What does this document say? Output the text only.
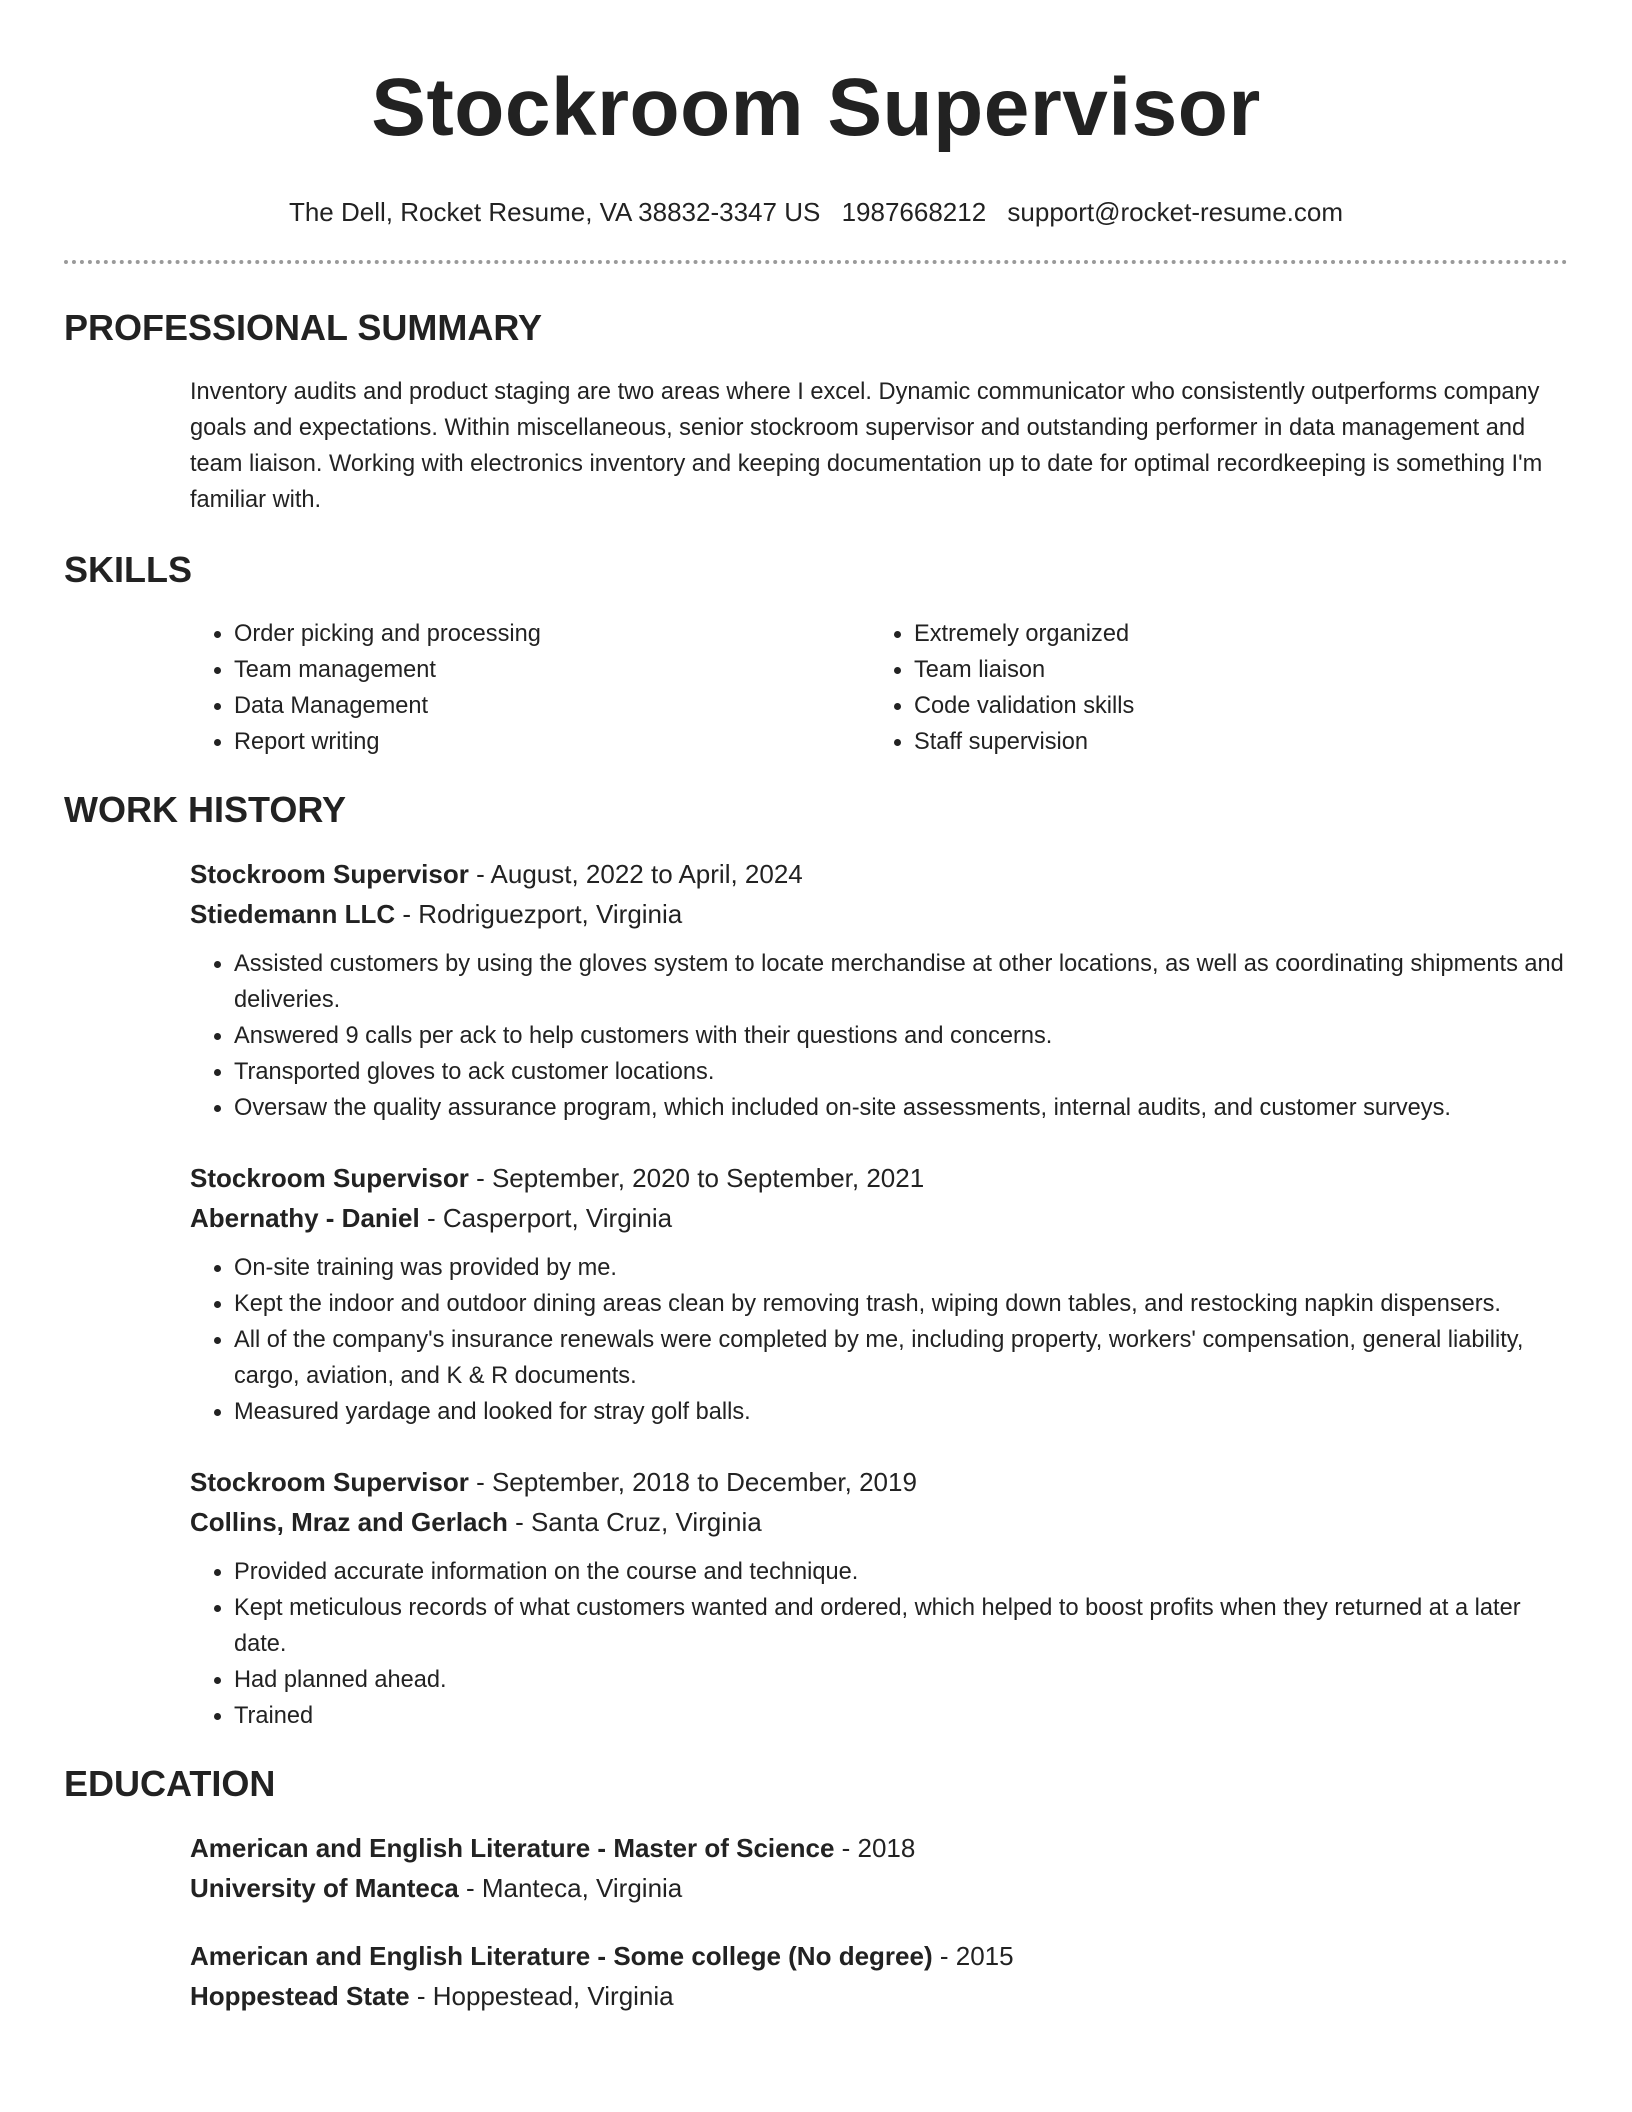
Stockroom Supervisor
The Dell, Rocket Resume, VA 38832-3347 US 1987668212 support@rocket-resume.com
PROFESSIONAL SUMMARY

Inventory audits and product staging are two areas where I excel. Dynamic communicator who consistently outperforms company goals and expectations. Within miscellaneous, senior stockroom supervisor and outstanding performer in data management and team liaison. Working with electronics inventory and keeping documentation up to date for optimal recordkeeping is something I'm familiar with.

SKILLS
• Order picking and processing
• Team management
• Data Management
• Report writing
• Extremely organized
• Team liaison
• Code validation skills
• Staff supervision
WORK HISTORY
Stockroom Supervisor - August, 2022 to April, 2024
Stiedemann LLC - Rodriguezport, Virginia
• Assisted customers by using the gloves system to locate merchandise at other locations, as well as coordinating shipments and deliveries.
• Answered 9 calls per ack to help customers with their questions and concerns.
• Transported gloves to ack customer locations.
• Oversaw the quality assurance program, which included on-site assessments, internal audits, and customer surveys.
Stockroom Supervisor - September, 2020 to September, 2021
Abernathy - Daniel - Casperport, Virginia
• On-site training was provided by me.
• Kept the indoor and outdoor dining areas clean by removing trash, wiping down tables, and restocking napkin dispensers.
• All of the company's insurance renewals were completed by me, including property, workers' compensation, general liability, cargo, aviation, and K & R documents.
• Measured yardage and looked for stray golf balls.
Stockroom Supervisor - September, 2018 to December, 2019
Collins, Mraz and Gerlach - Santa Cruz, Virginia
• Provided accurate information on the course and technique.
• Kept meticulous records of what customers wanted and ordered, which helped to boost profits when they returned at a later date.
• Had planned ahead.
• Trained
EDUCATION
American and English Literature - Master of Science - 2018
University of Manteca - Manteca, Virginia
American and English Literature - Some college (No degree) - 2015
Hoppestead State - Hoppestead, Virginia
